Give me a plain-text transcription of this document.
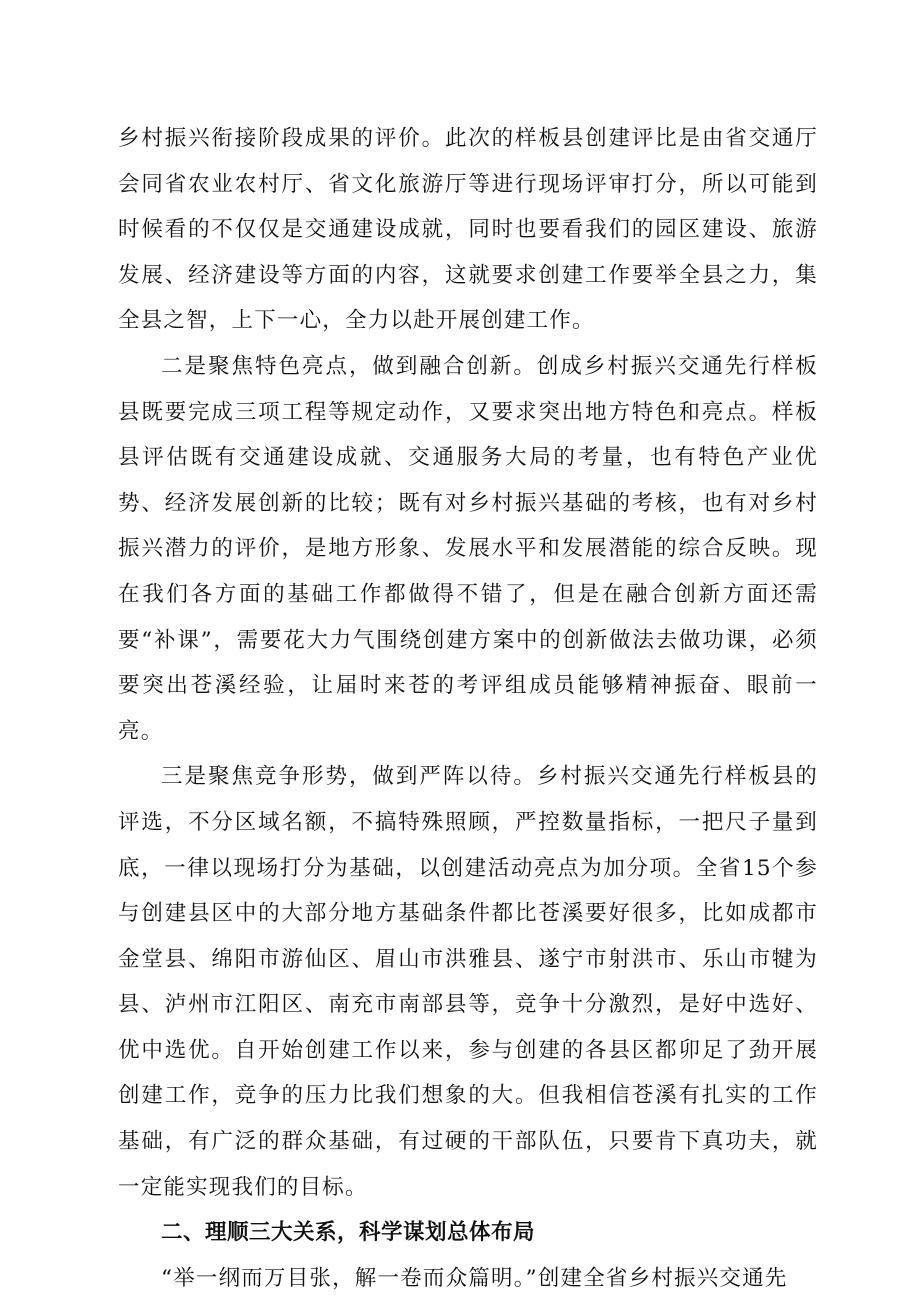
乡村振兴衔接阶段成果的评价。此次的样板县创建评比是由省交通厅会同省农业农村厅、省文化旅游厅等进行现场评审打分，所以可能到时候看的不仅仅是交通建设成就，同时也要看我们的园区建设、旅游发展、经济建设等方面的内容，这就要求创建工作要举全县之力，集全县之智，上下一心，全力以赴开展创建工作。

二是聚焦特色亮点，做到融合创新。创成乡村振兴交通先行样板县既要完成三项工程等规定动作，又要求突出地方特色和亮点。样板县评估既有交通建设成就、交通服务大局的考量，也有特色产业优势、经济发展创新的比较；既有对乡村振兴基础的考核，也有对乡村振兴潜力的评价，是地方形象、发展水平和发展潜能的综合反映。现在我们各方面的基础工作都做得不错了，但是在融合创新方面还需要“补课”，需要花大力气围绕创建方案中的创新做法去做功课，必须要突出苍溪经验，让届时来苍的考评组成员能够精神振奋、眼前一亮。

三是聚焦竞争形势，做到严阵以待。乡村振兴交通先行样板县的评选，不分区域名额，不搞特殊照顾，严控数量指标，一把尺子量到底，一律以现场打分为基础，以创建活动亮点为加分项。全省15个参与创建县区中的大部分地方基础条件都比苍溪要好很多，比如成都市金堂县、绵阳市游仙区、眉山市洪雅县、遂宁市射洪市、乐山市犍为县、泸州市江阳区、南充市南部县等，竞争十分激烈，是好中选好、优中选优。自开始创建工作以来，参与创建的各县区都卯足了劲开展创建工作，竞争的压力比我们想象的大。但我相信苍溪有扎实的工作基础，有广泛的群众基础，有过硬的干部队伍，只要肯下真功夫，就一定能实现我们的目标。

二、理顺三大关系，科学谋划总体布局

“举一纲而万目张，解一卷而众篇明。”创建全省乡村振兴交通先
